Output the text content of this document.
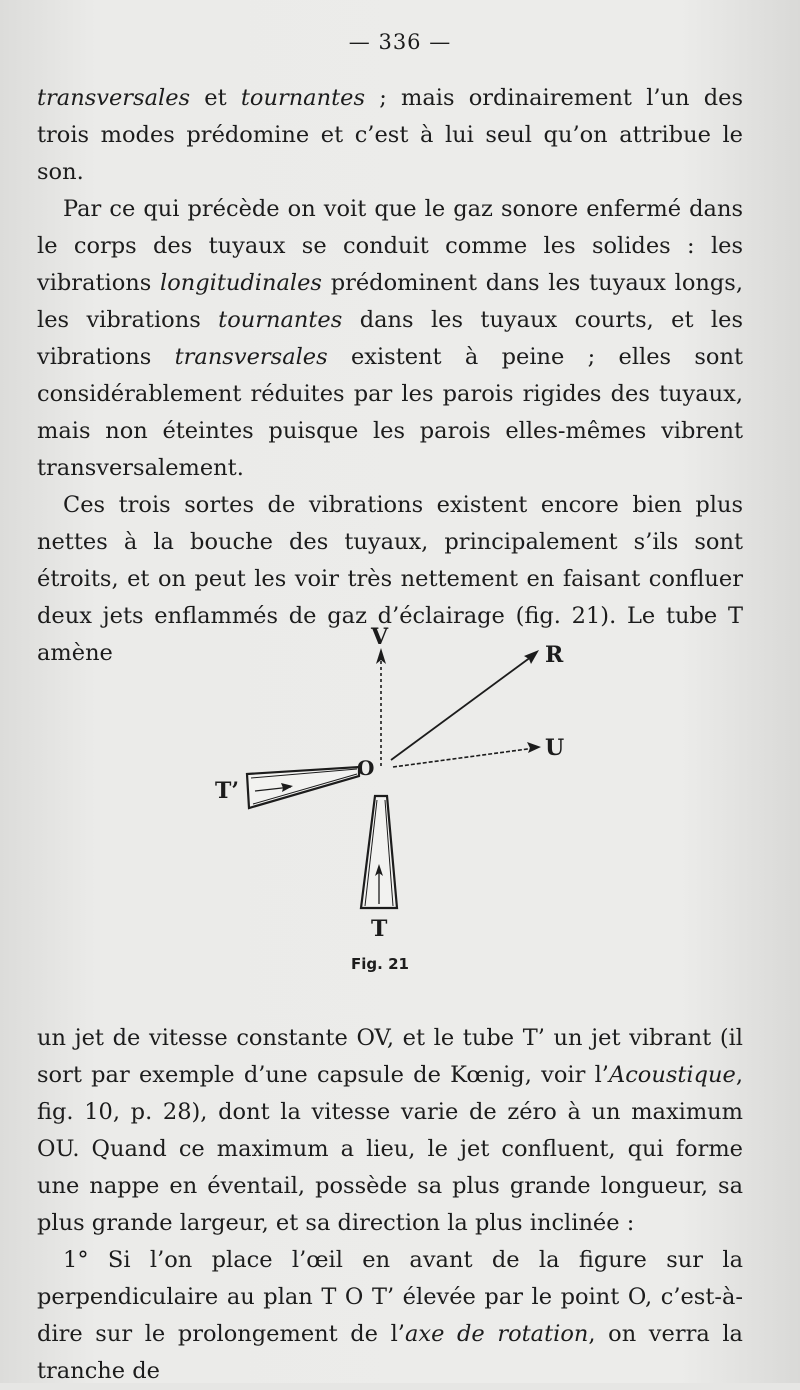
— 336 —

transversales et tournantes ; mais ordinairement l’un des trois modes prédomine et c’est à lui seul qu’on attribue le son.

Par ce qui précède on voit que le gaz sonore enfermé dans le corps des tuyaux se conduit comme les solides : les vibrations longitudinales prédominent dans les tuyaux longs, les vibrations tournantes dans les tuyaux courts, et les vibrations transversales existent à peine ; elles sont considérablement réduites par les parois rigides des tuyaux, mais non éteintes puisque les parois elles-mêmes vibrent transversalement.

Ces trois sortes de vibrations existent encore bien plus nettes à la bouche des tuyaux, principalement s’ils sont étroits, et on peut les voir très nettement en faisant confluer deux jets enflammés de gaz d’éclairage (fig. 21). Le tube T amène

V
R
U
O
T’
T
Fig. 21

un jet de vitesse constante OV, et le tube T’ un jet vibrant (il sort par exemple d’une capsule de Kœnig, voir l’Acoustique, fig. 10, p. 28), dont la vitesse varie de zéro à un maximum OU. Quand ce maximum a lieu, le jet confluent, qui forme une nappe en éventail, possède sa plus grande longueur, sa plus grande largeur, et sa direction la plus inclinée :

1° Si l’on place l’œil en avant de la figure sur la perpendiculaire au plan T O T’ élevée par le point O, c’est-à-dire sur le prolongement de l’axe de rotation, on verra la tranche de
